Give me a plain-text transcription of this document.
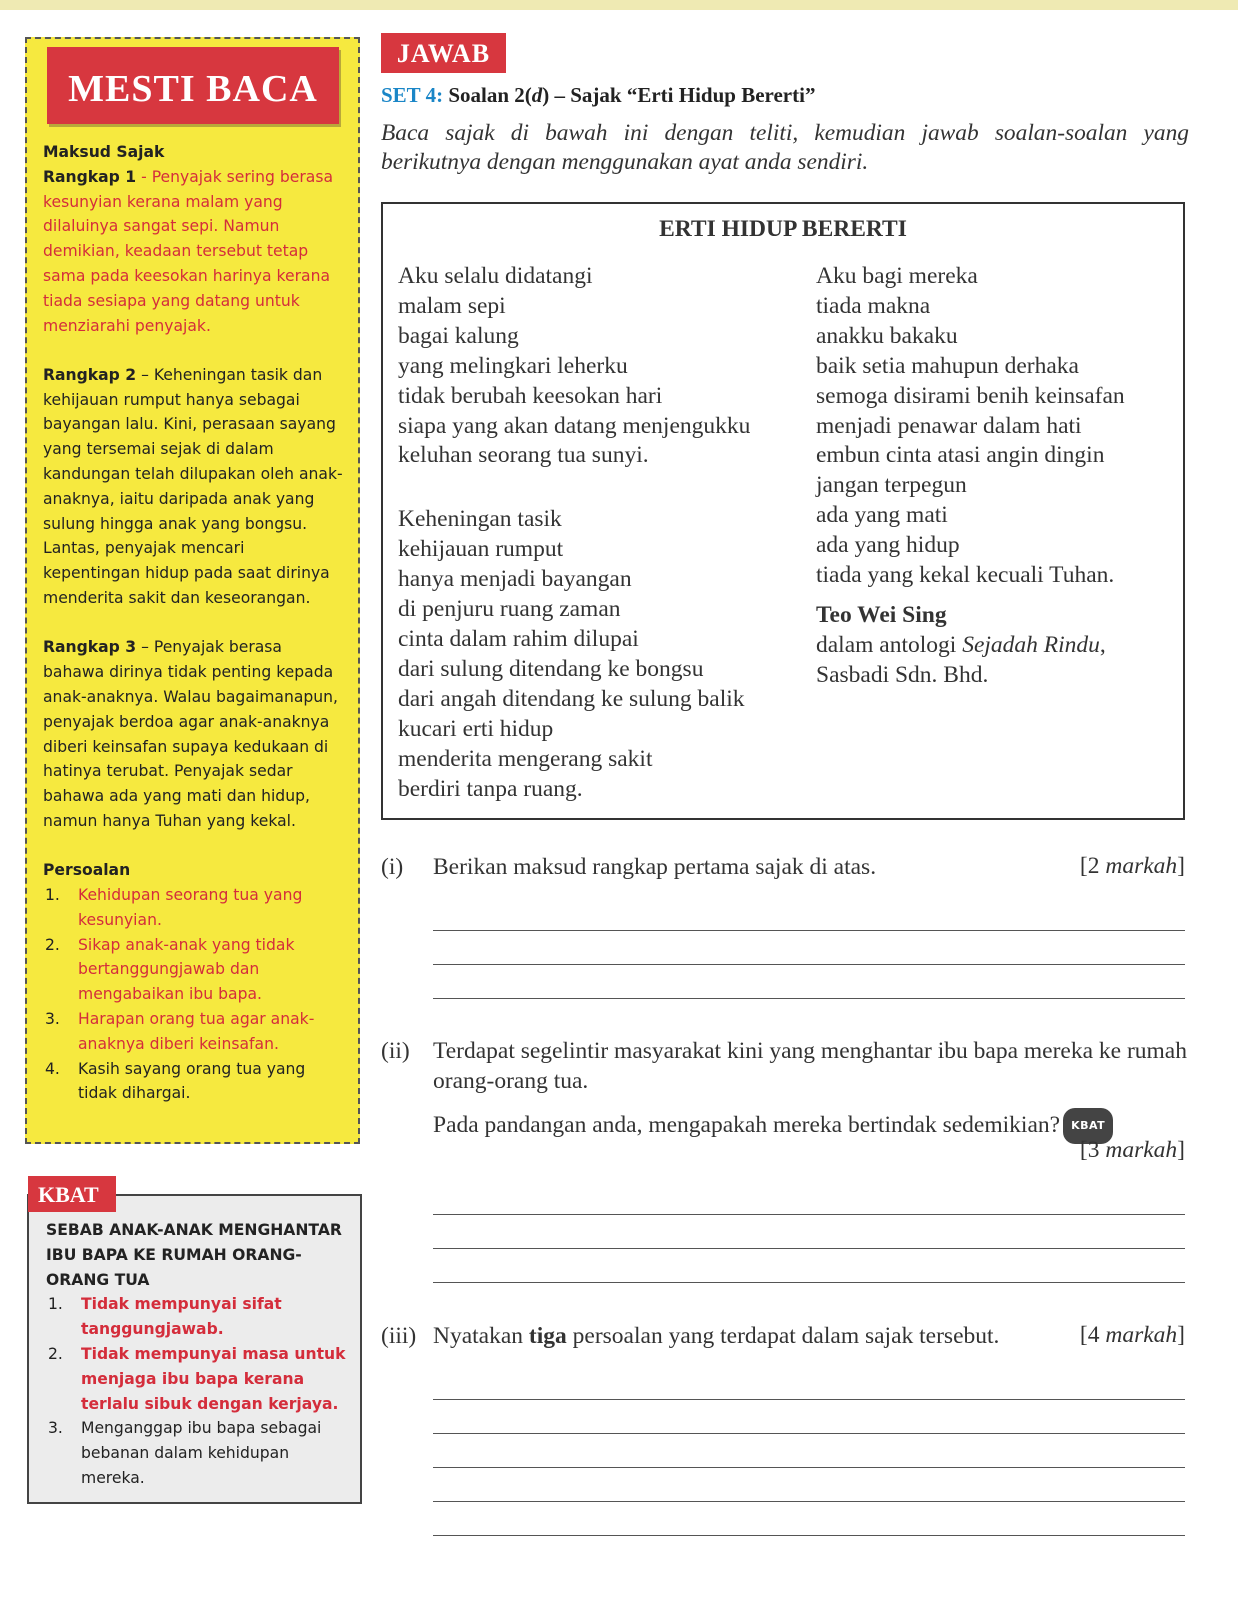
MESTI BACA
Maksud Sajak
Rangkap 1 - Penyajak sering berasa kesunyian kerana malam yang dilaluinya sangat sepi. Namun demikian, keadaan tersebut tetap sama pada keesokan harinya kerana tiada sesiapa yang datang untuk menziarahi penyajak.
Rangkap 2 – Keheningan tasik dan kehijauan rumput hanya sebagai bayangan lalu. Kini, perasaan sayang yang tersemai sejak di dalam kandungan telah dilupakan oleh anak-anaknya, iaitu daripada anak yang sulung hingga anak yang bongsu. Lantas, penyajak mencari kepentingan hidup pada saat dirinya menderita sakit dan keseorangan.
Rangkap 3 – Penyajak berasa bahawa dirinya tidak penting kepada anak-anaknya. Walau bagaimanapun, penyajak berdoa agar anak-anaknya diberi keinsafan supaya kedukaan di hatinya terubat. Penyajak sedar bahawa ada yang mati dan hidup, namun hanya Tuhan yang kekal.
Persoalan
1. Kehidupan seorang tua yang kesunyian.
2. Sikap anak-anak yang tidak bertanggungjawab dan mengabaikan ibu bapa.
3. Harapan orang tua agar anak-anaknya diberi keinsafan.
4. Kasih sayang orang tua yang tidak dihargai.
KBAT
SEBAB ANAK-ANAK MENGHANTAR IBU BAPA KE RUMAH ORANG-ORANG TUA
1. Tidak mempunyai sifat tanggungjawab.
2. Tidak mempunyai masa untuk menjaga ibu bapa kerana terlalu sibuk dengan kerjaya.
3. Menganggap ibu bapa sebagai bebanan dalam kehidupan mereka.
JAWAB
SET 4: Soalan 2(d) – Sajak “Erti Hidup Bererti”
Baca sajak di bawah ini dengan teliti, kemudian jawab soalan-soalan yang berikutnya dengan menggunakan ayat anda sendiri.
ERTI HIDUP BERERTI
Aku selalu didatangi
malam sepi
bagai kalung
yang melingkari leherku
tidak berubah keesokan hari
siapa yang akan datang menjengukku
keluhan seorang tua sunyi.
Keheningan tasik
kehijauan rumput
hanya menjadi bayangan
di penjuru ruang zaman
cinta dalam rahim dilupai
dari sulung ditendang ke bongsu
dari angah ditendang ke sulung balik
kucari erti hidup
menderita mengerang sakit
berdiri tanpa ruang.
Aku bagi mereka
tiada makna
anakku bakaku
baik setia mahupun derhaka
semoga disirami benih keinsafan
menjadi penawar dalam hati
embun cinta atasi angin dingin
jangan terpegun
ada yang mati
ada yang hidup
tiada yang kekal kecuali Tuhan.
Teo Wei Sing
dalam antologi Sejadah Rindu,
Sasbadi Sdn. Bhd.
(i) Berikan maksud rangkap pertama sajak di atas.	[2 markah]
(ii) Terdapat segelintir masyarakat kini yang menghantar ibu bapa mereka ke rumah orang-orang tua.
Pada pandangan anda, mengapakah mereka bertindak sedemikian? KBAT
[3 markah]
(iii) Nyatakan tiga persoalan yang terdapat dalam sajak tersebut.	[4 markah]
